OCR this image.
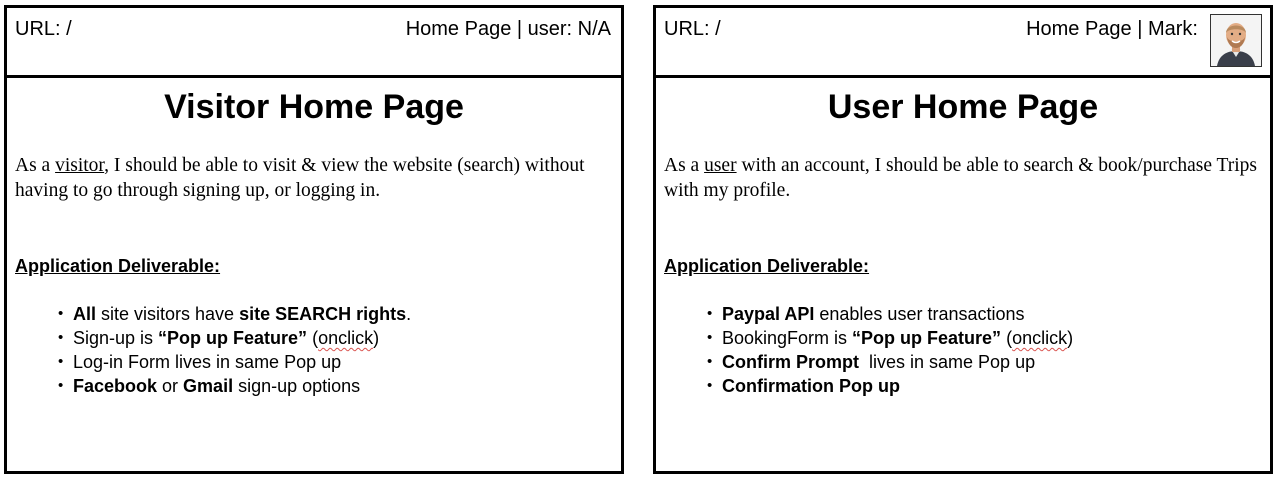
URL: /	Home Page | user: N/A
Visitor Home Page
As a visitor, I should be able to visit & view the website (search) without having to go through signing up, or logging in.
Application Deliverable:
• All site visitors have site SEARCH rights.
• Sign-up is “Pop up Feature” (onclick)
• Log-in Form lives in same Pop up
• Facebook or Gmail sign-up options
URL: /	Home Page | Mark:
User Home Page
As a user with an account, I should be able to search & book/purchase Trips with my profile.
Application Deliverable:
• Paypal API enables user transactions
• BookingForm is “Pop up Feature” (onclick)
• Confirm Prompt  lives in same Pop up
• Confirmation Pop up
